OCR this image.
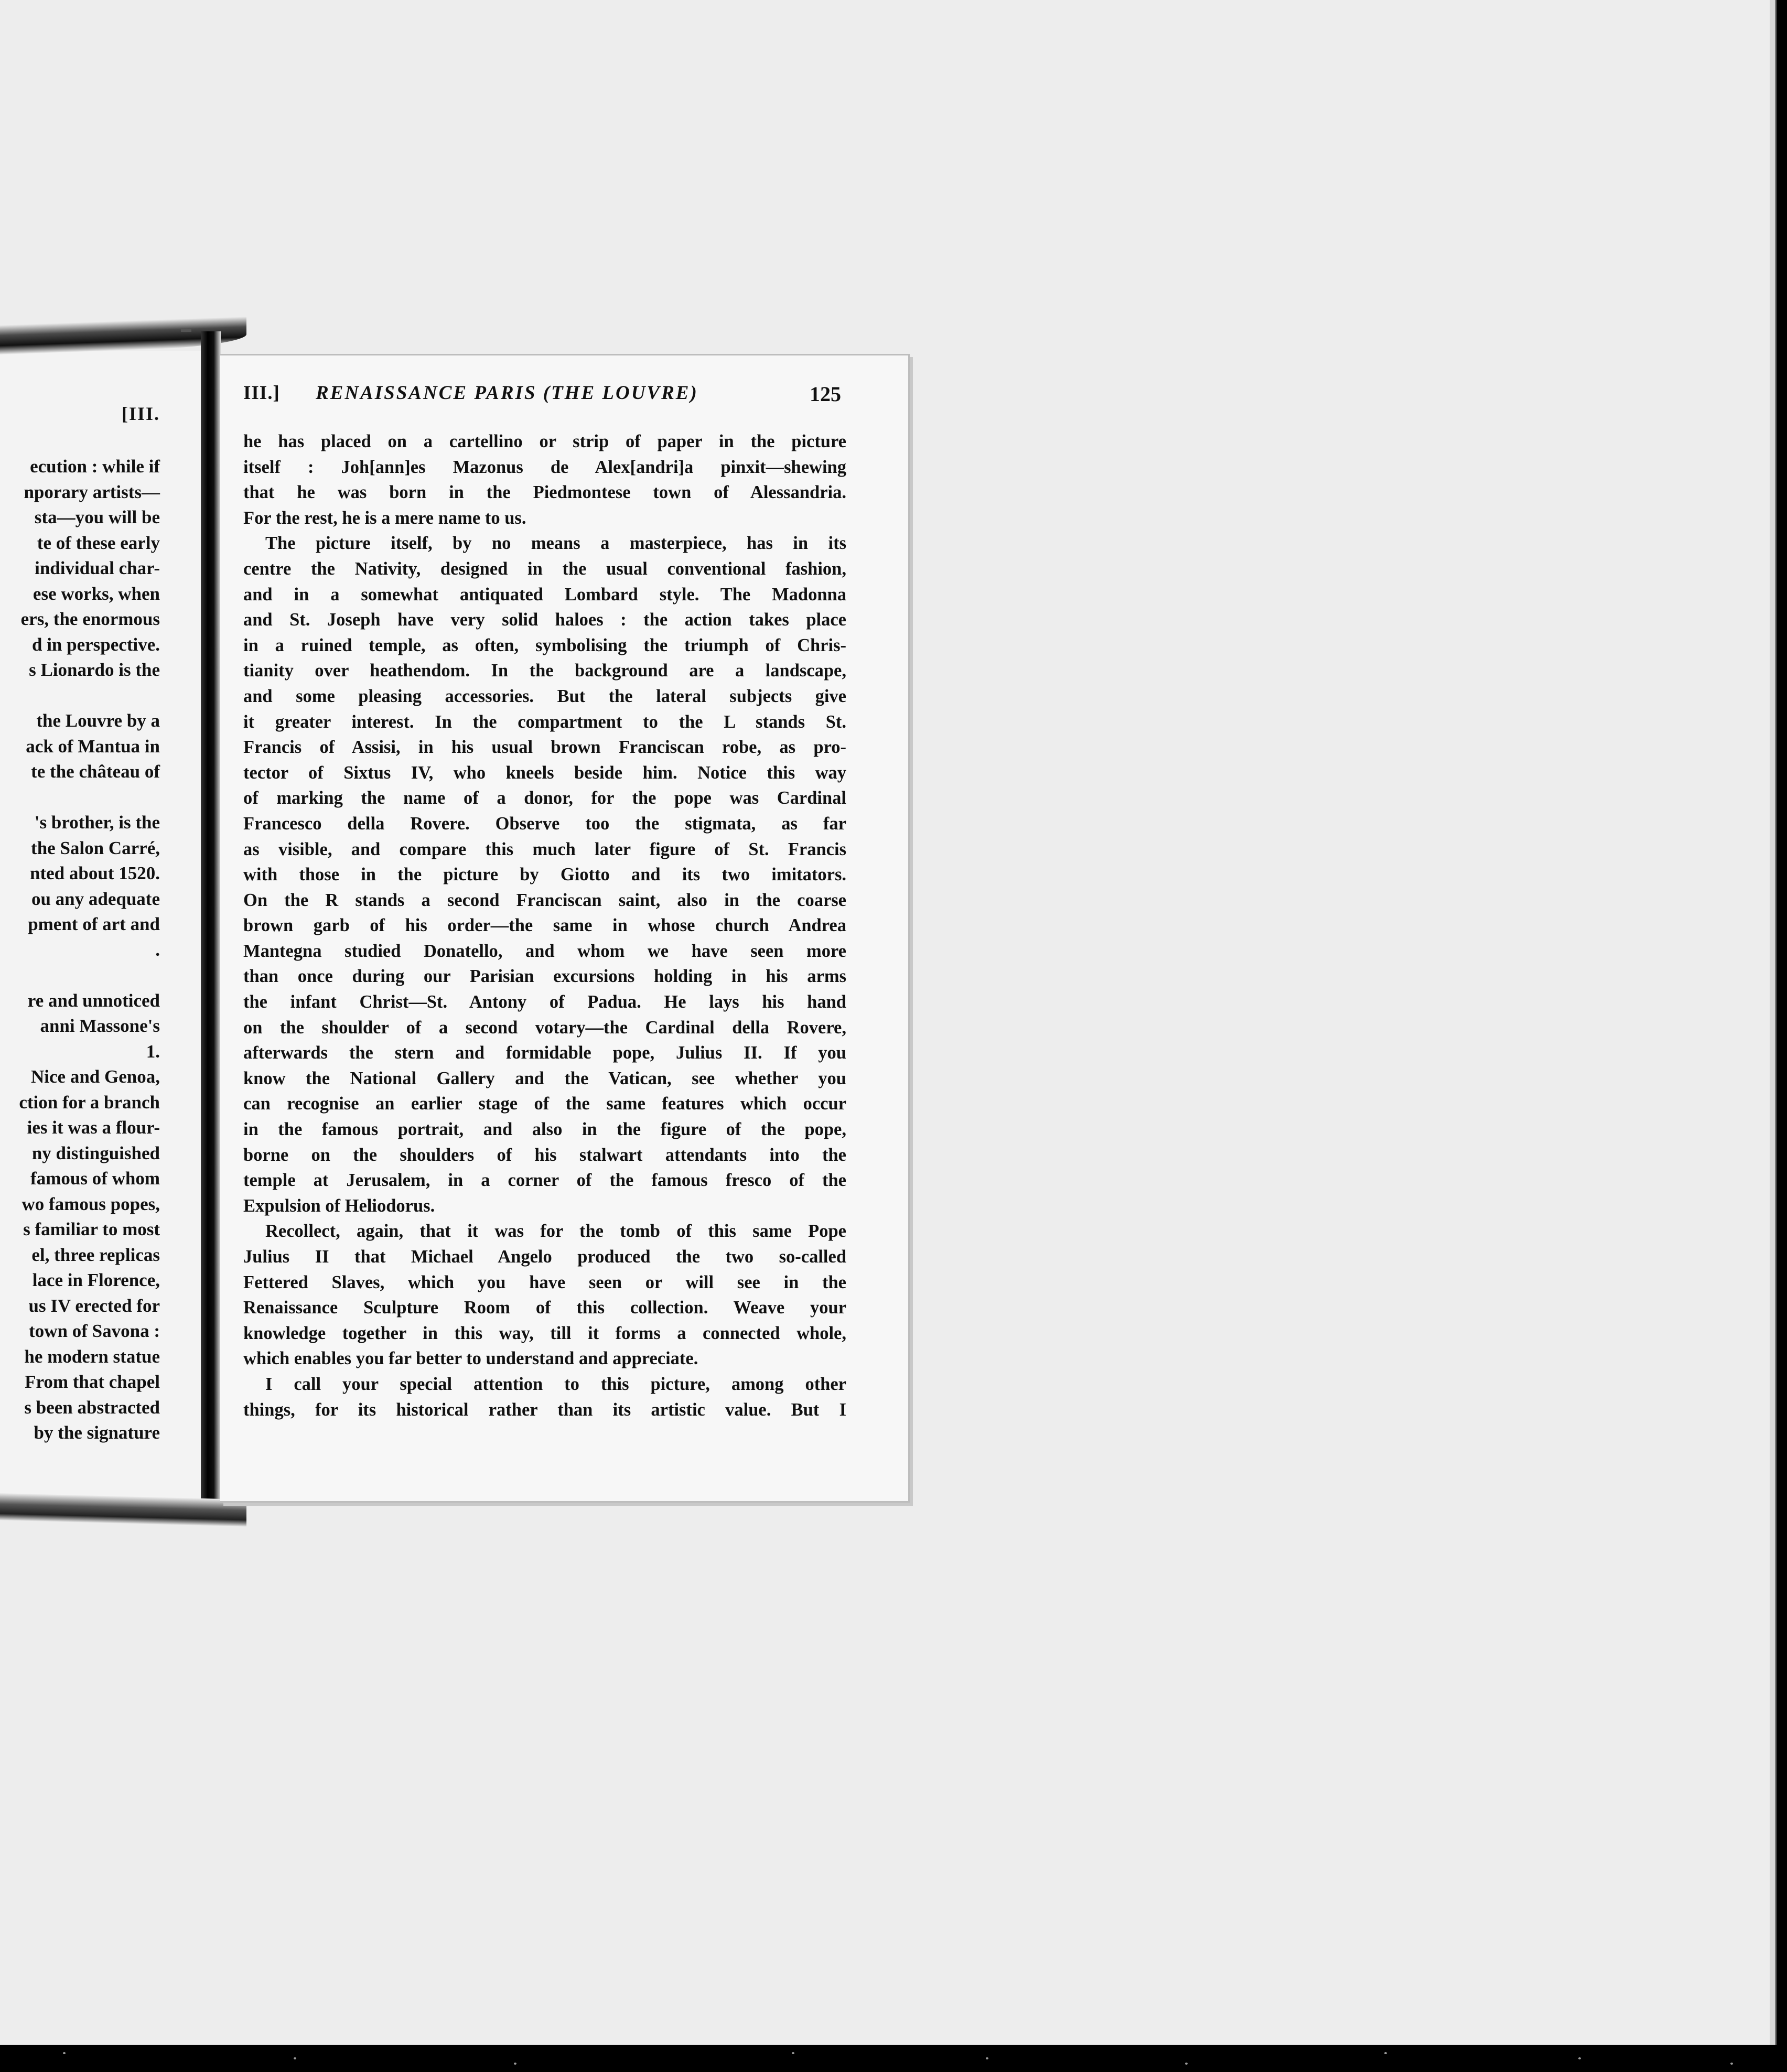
[III.
ecution : while if
nporary artists—
sta—you will be
te of these early
individual char-
ese works, when
ers, the enormous
d in perspective.
s Lionardo is the
the Louvre by a
ack of Mantua in
te the château of
's brother, is the
the Salon Carré,
nted about 1520.
ou any adequate
pment of art and
.
re and unnoticed
anni Massone's
1.
Nice and Genoa,
ction for a branch
ies it was a flour-
ny distinguished
famous of whom
wo famous popes,
s familiar to most
el, three replicas
lace in Florence,
us IV erected for
town of Savona :
he modern statue
From that chapel
s been abstracted
by the signature
III.] RENAISSANCE PARIS (THE LOUVRE)	125
he has placed on a cartellino or strip of paper in the picture
itself : Joh[ann]es Mazonus de Alex[andri]a pinxit—shewing
that he was born in the Piedmontese town of Alessandria.
For the rest, he is a mere name to us.
The picture itself, by no means a masterpiece, has in its
centre the Nativity, designed in the usual conventional fashion,
and in a somewhat antiquated Lombard style. The Madonna
and St. Joseph have very solid haloes : the action takes place
in a ruined temple, as often, symbolising the triumph of Chris-
tianity over heathendom. In the background are a landscape,
and some pleasing accessories. But the lateral subjects give
it greater interest. In the compartment to the L stands St.
Francis of Assisi, in his usual brown Franciscan robe, as pro-
tector of Sixtus IV, who kneels beside him. Notice this way
of marking the name of a donor, for the pope was Cardinal
Francesco della Rovere. Observe too the stigmata, as far
as visible, and compare this much later figure of St. Francis
with those in the picture by Giotto and its two imitators.
On the R stands a second Franciscan saint, also in the coarse
brown garb of his order—the same in whose church Andrea
Mantegna studied Donatello, and whom we have seen more
than once during our Parisian excursions holding in his arms
the infant Christ—St. Antony of Padua. He lays his hand
on the shoulder of a second votary—the Cardinal della Rovere,
afterwards the stern and formidable pope, Julius II. If you
know the National Gallery and the Vatican, see whether you
can recognise an earlier stage of the same features which occur
in the famous portrait, and also in the figure of the pope,
borne on the shoulders of his stalwart attendants into the
temple at Jerusalem, in a corner of the famous fresco of the
Expulsion of Heliodorus.
Recollect, again, that it was for the tomb of this same Pope
Julius II that Michael Angelo produced the two so-called
Fettered Slaves, which you have seen or will see in the
Renaissance Sculpture Room of this collection. Weave your
knowledge together in this way, till it forms a connected whole,
which enables you far better to understand and appreciate.
I call your special attention to this picture, among other
things, for its historical rather than its artistic value. But I
